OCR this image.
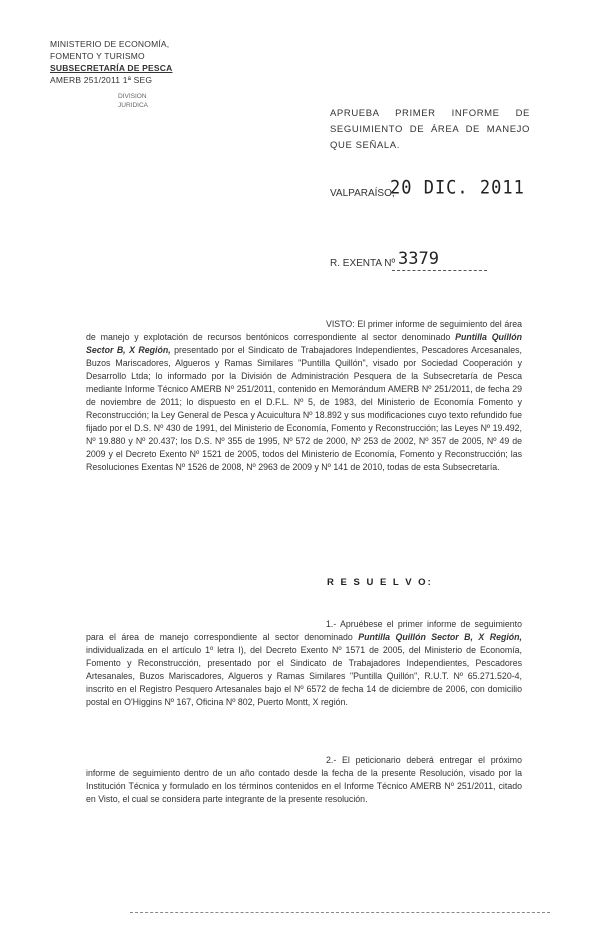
MINISTERIO DE ECONOMÍA,
FOMENTO Y TURISMO
SUBSECRETARÍA DE PESCA
AMERB 251/2011 1ª SEG
DIVISION
JURIDICA
APRUEBA PRIMER INFORME DE SEGUIMIENTO DE ÁREA DE MANEJO QUE SEÑALA.
VALPARAÍSO,
20 DIC. 2011
R. EXENTA Nº 3379
VISTO: El primer informe de seguimiento del área de manejo y explotación de recursos bentónicos correspondiente al sector denominado Puntilla Quillón Sector B, X Región, presentado por el Sindicato de Trabajadores Independientes, Pescadores Arcesanales, Buzos Mariscadores, Algueros y Ramas Similares "Puntilla Quillón", visado por Sociedad Cooperación y Desarrollo Ltda; lo informado por la División de Administración Pesquera de la Subsecretaría de Pesca mediante Informe Técnico AMERB Nº 251/2011, contenido en Memorándum AMERB Nº 251/2011, de fecha 29 de noviembre de 2011; lo dispuesto en el D.F.L. Nº 5, de 1983, del Ministerio de Economía Fomento y Reconstrucción; la Ley General de Pesca y Acuicultura Nº 18.892 y sus modificaciones cuyo texto refundido fue fijado por el D.S. Nº 430 de 1991, del Ministerio de Economía, Fomento y Reconstrucción; las Leyes Nº 19.492, Nº 19.880 y Nº 20.437; los D.S. Nº 355 de 1995, Nº 572 de 2000, Nº 253 de 2002, Nº 357 de 2005, Nº 49 de 2009 y el Decreto Exento Nº 1521 de 2005, todos del Ministerio de Economía, Fomento y Reconstrucción; las Resoluciones Exentas Nº 1526 de 2008, Nº 2963 de 2009 y Nº 141 de 2010, todas de esta Subsecretaría.
R E S U E L V O:
1.- Apruébese el primer informe de seguimiento para el área de manejo correspondiente al sector denominado Puntilla Quillón Sector B, X Región, individualizada en el artículo 1º letra I), del Decreto Exento Nº 1571 de 2005, del Ministerio de Economía, Fomento y Reconstrucción, presentado por el Sindicato de Trabajadores Independientes, Pescadores Artesanales, Buzos Mariscadores, Algueros y Ramas Similares "Puntilla Quillón", R.U.T. Nº 65.271.520-4, inscrito en el Registro Pesquero Artesanales bajo el Nº 6572 de fecha 14 de diciembre de 2006, con domicilio postal en O'Higgins Nº 167, Oficina Nº 802, Puerto Montt, X región.
2.- El peticionario deberá entregar el próximo informe de seguimiento dentro de un año contado desde la fecha de la presente Resolución, visado por la Institución Técnica y formulado en los términos contenidos en el Informe Técnico AMERB Nº 251/2011, citado en Visto, el cual se considera parte integrante de la presente resolución.
